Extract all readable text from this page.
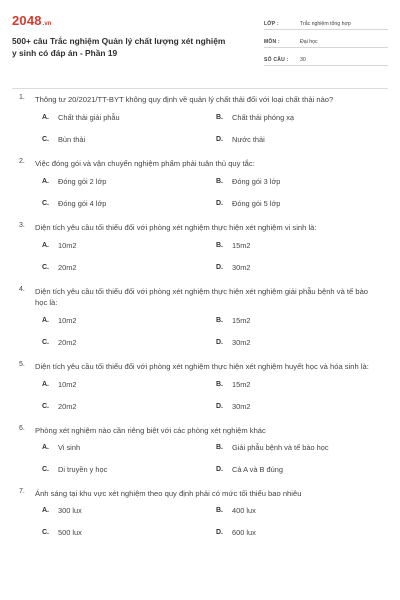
2048 .vn
500+ câu Trắc nghiệm Quản lý chất lượng xét nghiệm y sinh có đáp án - Phần 19
LỚP :	Trắc nghiệm tổng hợp
MÔN :	Đại học
SỐ CÂU :	30
1. Thông tư 20/2021/TT-BYT không quy định về quản lý chất thải đối với loại chất thải nào?
A. Chất thải giải phẫu	B. Chất thải phóng xạ
C. Bùn thải	D. Nước thải
2. Việc đóng gói và vận chuyển nghiệm phẩm phải tuân thủ quy tắc:
A. Đóng gói 2 lớp	B. Đóng gói 3 lớp
C. Đóng gói 4 lớp	D. Đóng gói 5 lớp
3. Diện tích yêu cầu tối thiểu đối với phòng xét nghiệm thực hiện xét nghiệm vi sinh là:
A. 10m2	B. 15m2
C. 20m2	D. 30m2
4. Diện tích yêu cầu tối thiểu đối với phòng xét nghiệm thực hiện xét nghiệm giải phẫu bệnh và tế bào học là:
A. 10m2	B. 15m2
C. 20m2	D. 30m2
5. Diện tích yêu cầu tối thiểu đối với phòng xét nghiệm thực hiện xét nghiệm huyết học và hóa sinh là:
A. 10m2	B. 15m2
C. 20m2	D. 30m2
6. Phòng xét nghiệm nào cần riêng biệt với các phòng xét nghiệm khác
A. Vi sinh	B. Giải phẫu bệnh và tế bào học
C. Di truyền y học	D. Cả A và B đúng
7. Ánh sáng tại khu vực xét nghiệm theo quy định phải có mức tối thiểu bao nhiêu
A. 300 lux	B. 400 lux
C. 500 lux	D. 600 lux
